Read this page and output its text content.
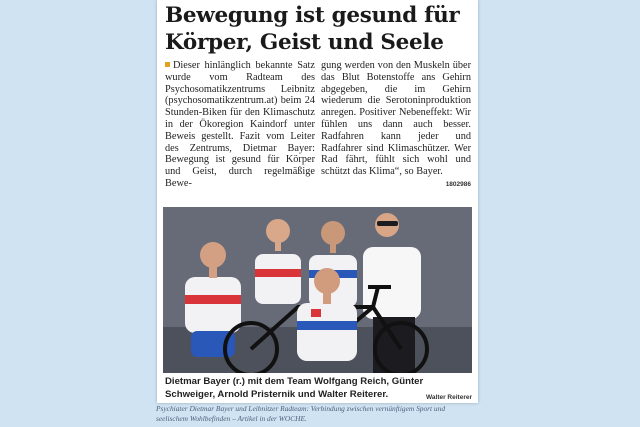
Bewegung ist gesund für
Körper, Geist und Seele

Dieser hinlänglich bekannte Satz wurde vom Radteam des Psychosomatikzentrums Leibnitz (psychosomatikzentrum.at) beim 24 Stunden-Biken für den Klimaschutz in der Ökoregion Kaindorf unter Beweis gestellt. Fazit vom Leiter des Zentrums, Dietmar Bayer: Bewegung ist gesund für Körper und Geist, durch regelmäßige Bewe-

gung werden von den Muskeln über das Blut Botenstoffe ans Gehirn abgegeben, die im Gehirn wiederum die Serotoninproduktion anregen. Positiver Nebeneffekt: Wir fühlen uns dann auch besser. Radfahren kann jeder und Radfahrer sind Klimaschützer. Wer Rad fährt, fühlt sich wohl und schützt das Klima“, so Bayer.

1802986
Dietmar Bayer (r.) mit dem Team Wolfgang Reich, Günter Schweiger, Arnold Pristernik und Walter Reiterer.	Walter Reiterer
Psychiater Dietmar Bayer und Leibnitzer Radteam: Verbindung zwischen vernünftigem Sport und seelischem Wohlbefinden – Artikel in der WOCHE.
